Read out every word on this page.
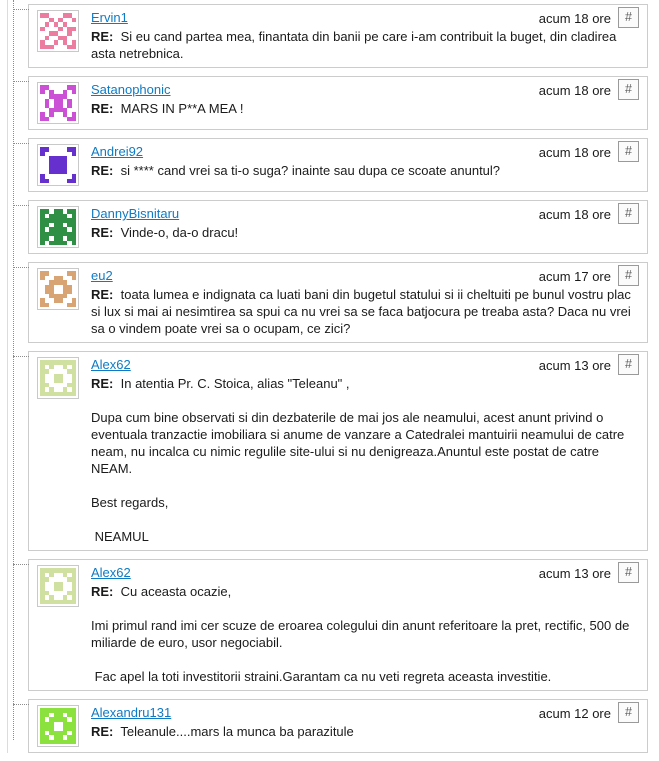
Ervin1	acum 18 ore	#

RE:  Si eu cand partea mea, finantata din banii pe care i-am contribuit la buget, din cladirea asta netrebnica.

Satanophonic	acum 18 ore	#

RE:  MARS IN P**A MEA !

Andrei92	acum 18 ore	#

RE:  si **** cand vrei sa ti-o suga? inainte sau dupa ce scoate anuntul?

DannyBisnitaru	acum 18 ore	#

RE:  Vinde-o, da-o dracu!

eu2	acum 17 ore	#

RE:  toata lumea e indignata ca luati bani din bugetul statului si ii cheltuiti pe bunul vostru plac si lux si mai ai nesimtirea sa spui ca nu vrei sa se faca batjocura pe treaba asta? Daca nu vrei sa o vindem poate vrei sa o ocupam, ce zici?

Alex62	acum 13 ore	#

RE:  In atentia Pr. C. Stoica, alias "Teleanu" ,

Dupa cum bine observati si din dezbaterile de mai jos ale neamului, acest anunt privind o eventuala tranzactie imobiliara si anume de vanzare a Catedralei mantuirii neamului de catre neam, nu incalca cu nimic regulile site-ului si nu denigreaza.Anuntul este postat de catre NEAM.

Best regards,

NEAMUL

Alex62	acum 13 ore	#

RE:  Cu aceasta ocazie,

Imi primul rand imi cer scuze de eroarea colegului din anunt referitoare la pret, rectific, 500 de miliarde de euro, usor negociabil.

Fac apel la toti investitorii straini.Garantam ca nu veti regreta aceasta investitie.

Alexandru131	acum 12 ore	#

RE:  Teleanule....mars la munca ba parazitule
